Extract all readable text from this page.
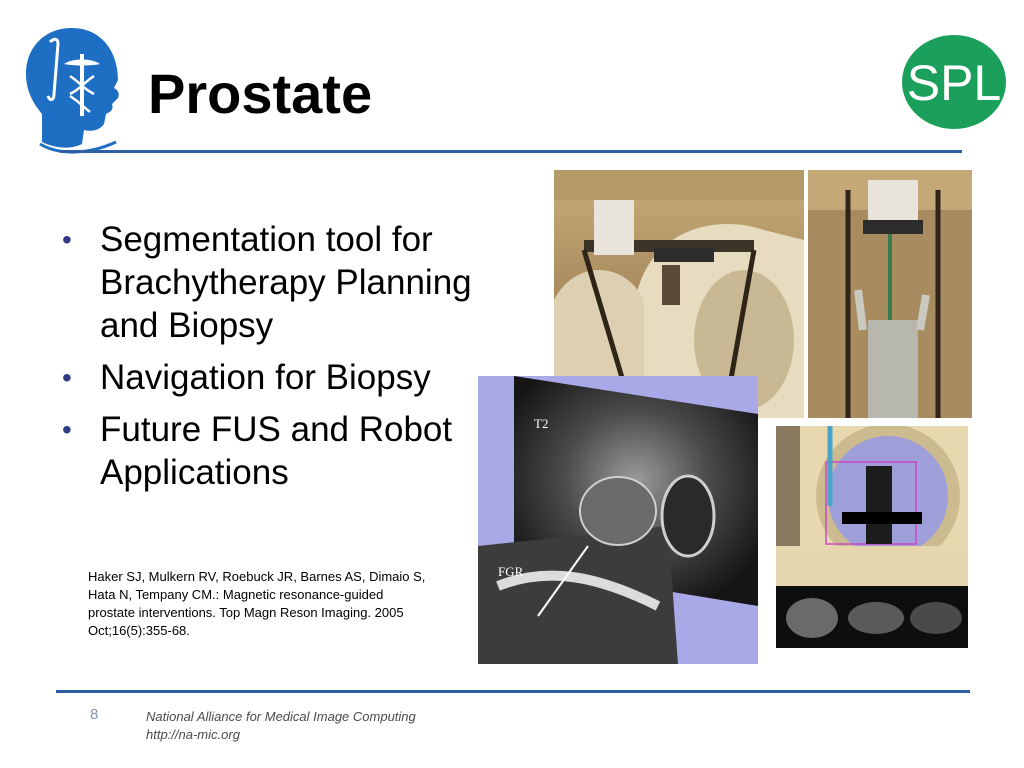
Prostate	SPL
• Segmentation tool for Brachytherapy Planning and Biopsy
• Navigation for Biopsy
• Future FUS and Robot Applications
Haker SJ, Mulkern RV, Roebuck JR, Barnes AS, Dimaio S, Hata N, Tempany CM.: Magnetic resonance-guided prostate interventions. Top Magn Reson Imaging. 2005 Oct;16(5):355-68.
T2
FGR
8	National Alliance for Medical Image Computing
http://na-mic.org
